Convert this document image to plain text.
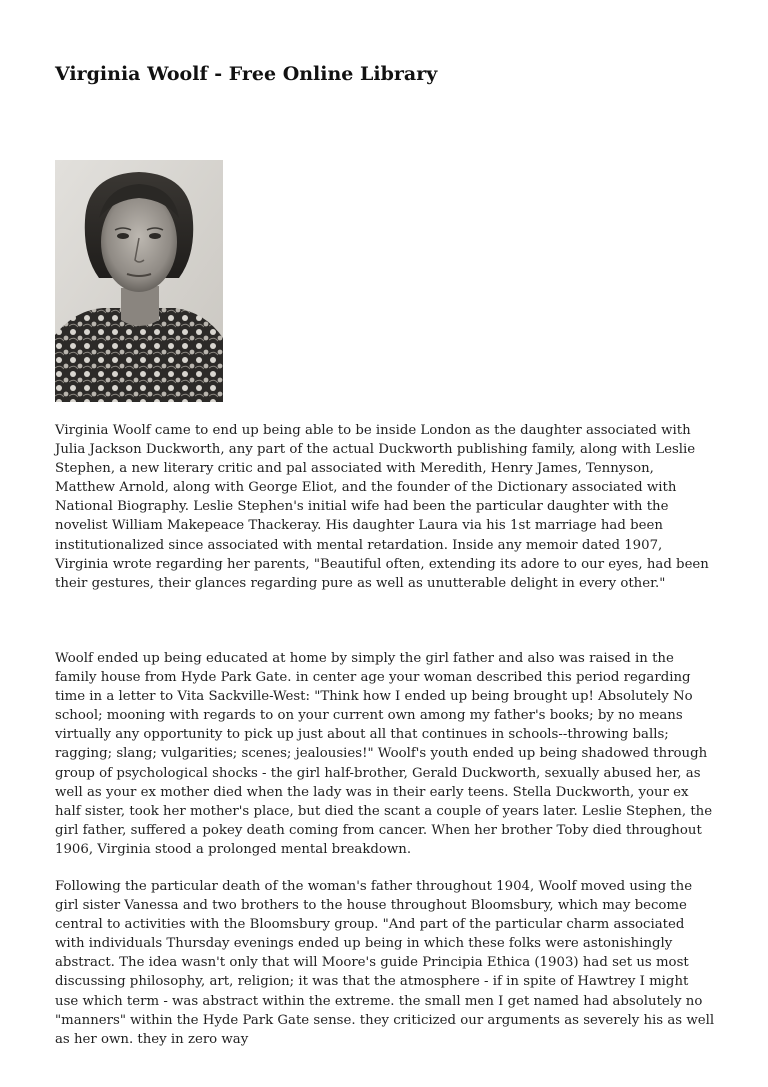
Virginia Woolf - Free Online Library

Virginia Woolf came to end up being able to be inside London as the daughter associated with Julia Jackson Duckworth, any part of the actual Duckworth publishing family, along with Leslie Stephen, a new literary critic and pal associated with Meredith, Henry James, Tennyson, Matthew Arnold, along with George Eliot, and the founder of the Dictionary associated with National Biography. Leslie Stephen's initial wife had been the particular daughter with the novelist William Makepeace Thackeray. His daughter Laura via his 1st marriage had been institutionalized since associated with mental retardation. Inside any memoir dated 1907, Virginia wrote regarding her parents, "Beautiful often, extending its adore to our eyes, had been their gestures, their glances regarding pure as well as unutterable delight in every other."

Woolf ended up being educated at home by simply the girl father and also was raised in the family house from Hyde Park Gate. in center age your woman described this period regarding time in a letter to Vita Sackville-West: "Think how I ended up being brought up! Absolutely No school; mooning with regards to on your current own among my father's books; by no means virtually any opportunity to pick up just about all that continues in schools--throwing balls; ragging; slang; vulgarities; scenes; jealousies!" Woolf's youth ended up being shadowed through group of psychological shocks - the girl half-brother, Gerald Duckworth, sexually abused her, as well as your ex mother died when the lady was in their early teens. Stella Duckworth, your ex half sister, took her mother's place, but died the scant a couple of years later. Leslie Stephen, the girl father, suffered a pokey death coming from cancer. When her brother Toby died throughout 1906, Virginia stood a prolonged mental breakdown.

Following the particular death of the woman's father throughout 1904, Woolf moved using the girl sister Vanessa and two brothers to the house throughout Bloomsbury, which may become central to activities with the Bloomsbury group. "And part of the particular charm associated with individuals Thursday evenings ended up being in which these folks were astonishingly abstract. The idea wasn't only that will Moore's guide Principia Ethica (1903) had set us most discussing philosophy, art, religion; it was that the atmosphere - if in spite of Hawtrey I might use which term - was abstract within the extreme. the small men I get named had absolutely no "manners" within the Hyde Park Gate sense. they criticized our arguments as severely his as well as her own. they in zero way
